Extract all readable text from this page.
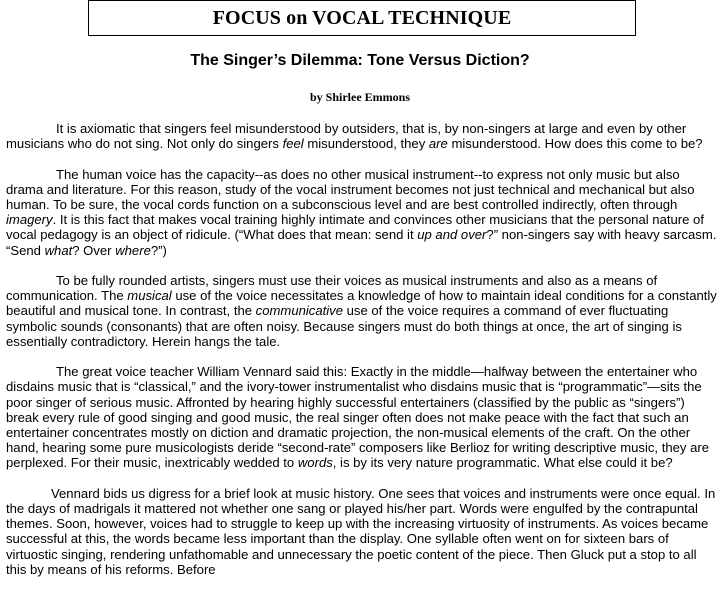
FOCUS on VOCAL TECHNIQUE
The Singer’s Dilemma: Tone Versus Diction?
by Shirlee Emmons

It is axiomatic that singers feel misunderstood by outsiders, that is, by non-singers at large and even by other musicians who do not sing. Not only do singers feel misunderstood, they are misunderstood. How does this come to be?

The human voice has the capacity--as does no other musical instrument--to express not only music but also drama and literature. For this reason, study of the vocal instrument becomes not just technical and mechanical but also human. To be sure, the vocal cords function on a subconscious level and are best controlled indirectly, often through imagery. It is this fact that makes vocal training highly intimate and convinces other musicians that the personal nature of vocal pedagogy is an object of ridicule. (“What does that mean: send it up and over?” non-singers say with heavy sarcasm. “Send what? Over where?”)

To be fully rounded artists, singers must use their voices as musical instruments and also as a means of communication. The musical use of the voice necessitates a knowledge of how to maintain ideal conditions for a constantly beautiful and musical tone. In contrast, the communicative use of the voice requires a command of ever fluctuating symbolic sounds (consonants) that are often noisy. Because singers must do both things at once, the art of singing is essentially contradictory. Herein hangs the tale.

The great voice teacher William Vennard said this: Exactly in the middle—halfway between the entertainer who disdains music that is “classical,” and the ivory-tower instrumentalist who disdains music that is “programmatic”—sits the poor singer of serious music. Affronted by hearing highly successful entertainers (classified by the public as “singers”) break every rule of good singing and good music, the real singer often does not make peace with the fact that such an entertainer concentrates mostly on diction and dramatic projection, the non-musical elements of the craft. On the other hand, hearing some pure musicologists deride “second-rate” composers like Berlioz for writing descriptive music, they are perplexed. For their music, inextricably wedded to words, is by its very nature programmatic. What else could it be?

Vennard bids us digress for a brief look at music history. One sees that voices and instruments were once equal. In the days of madrigals it mattered not whether one sang or played his/her part. Words were engulfed by the contrapuntal themes. Soon, however, voices had to struggle to keep up with the increasing virtuosity of instruments. As voices became successful at this, the words became less important than the display. One syllable often went on for sixteen bars of virtuostic singing, rendering unfathomable and unnecessary the poetic content of the piece. Then Gluck put a stop to all this by means of his reforms. Before
